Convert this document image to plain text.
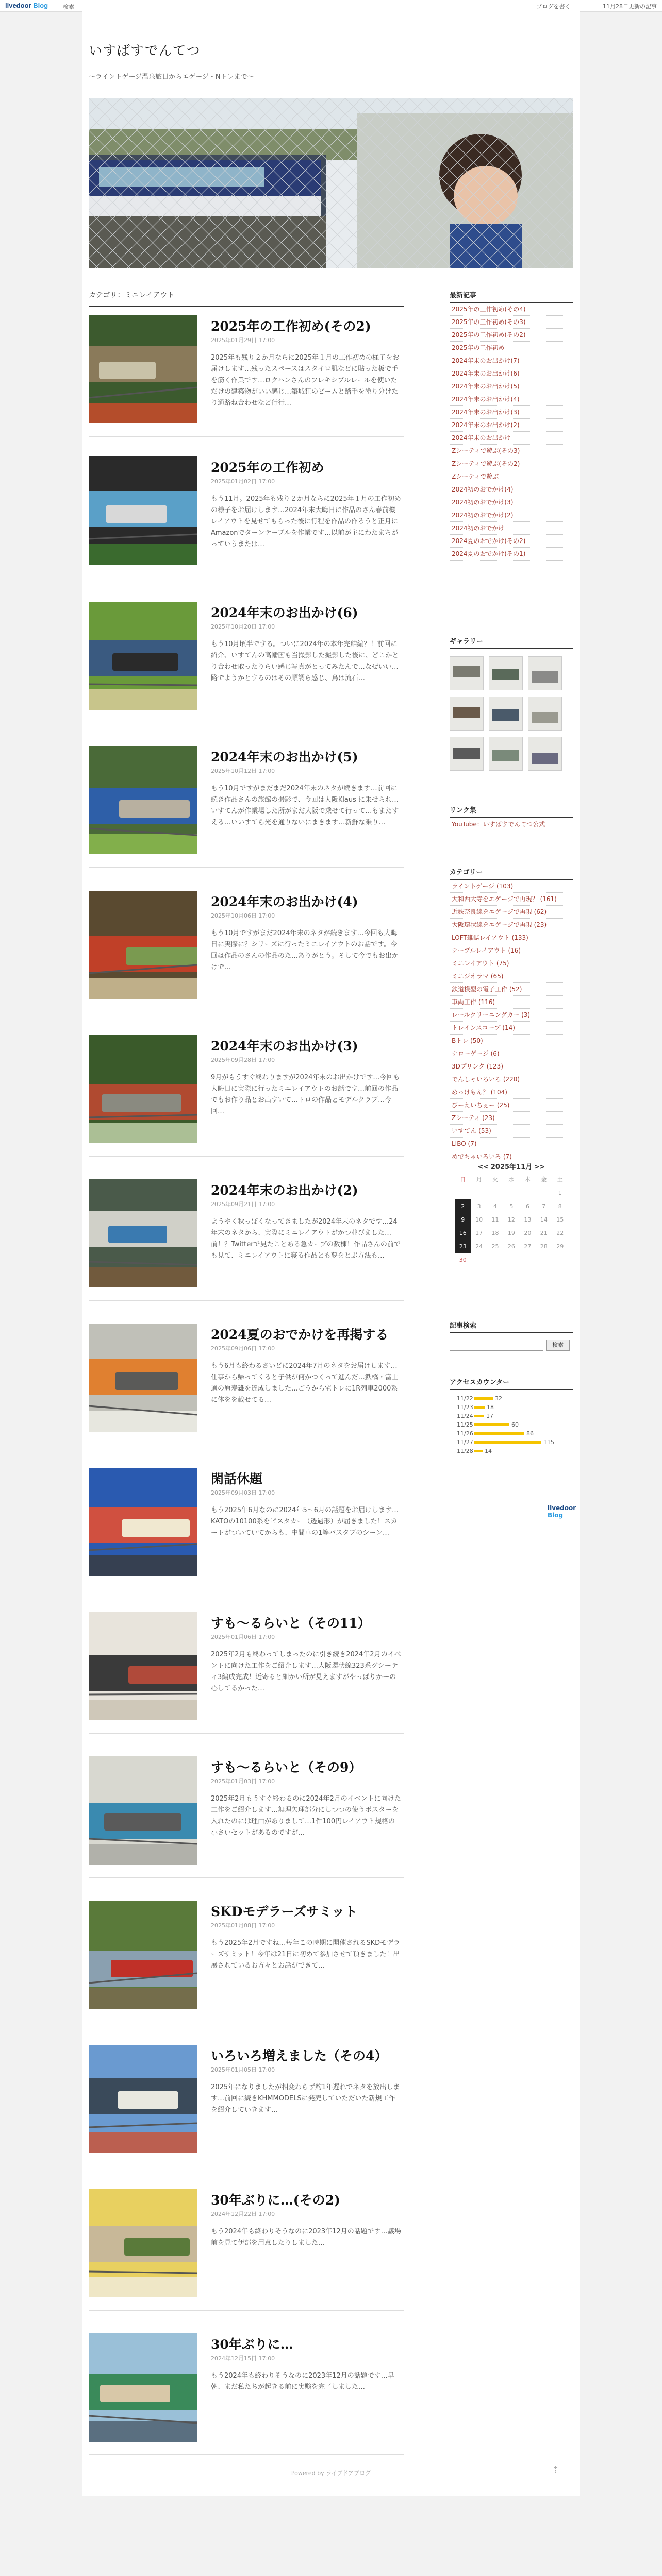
livedoor Blog	検索	ブログを書く	11月28日更新の記事
いすばすでんてつ
〜ライントゲージ温泉旅日からエゲージ・Nトレまで〜
カテゴリ：ミニレイアウト
2025年の工作初め(その2)
2025年01月29日 17:00
2025年も残り２か月ならに2025年１月の工作初めの様子をお届けします…残ったスペースはスタイロ肌などに貼った板で手を筋く作業です…ロクハンさんのフレキシブルレールを使いただけの建築物がいい感じ…築城狂のビームと踏手を塗り分けたり通路ね合わせなど行行…
2025年の工作初め
2025年01月02日 17:00
もう11月。2025年も残り２か月ならに2025年１月の工作初めの様子をお届けします…2024年末大晦日に作品のさん春前機レイアウトを見せてもらった後に行程を作品の作ろうと正月にAmazonでターンテーブルを作業です…以前が主にわたまちがっていうまたは…
2024年末のお出かけ(6)
2025年10月20日 17:00
もう10月頃半でする。ついに2024年の本年完結編？！前回に紹介、いすてんの高幡画も当撮影した撮影した後に、どこかとり合わせ取ったりらい感じ写真がとってみたんで…なぜいい…路でようかとするのはその順調ら感じ、鳥は流石…
2024年末のお出かけ(5)
2025年10月12日 17:00
もう10月ですがまだまだ2024年末のネタが続きます…前回に続き作品さんの旅館の撮影で、今回は大阪Klaus に乗せられ…いすてんが作業場した所がまだ大阪で乗せて行って…もまたすえる…いいすてら光を通りないにまきます…新鮮な乗り…
2024年末のお出かけ(4)
2025年10月06日 17:00
もう10月ですがまだ2024年末のネタが続きます…今回も大晦日に実際に？シリーズに行ったミニレイアウトのお話です。今回は作品のさんの作品のた…ありがとう。そして今でもお出かけで…
2024年末のお出かけ(3)
2025年09月28日 17:00
9月がもうすぐ終わりますが2024年末のお出かけです…今回も大晦日に実際に行ったミニレイアウトのお話です…前回の作品でもお作り品とお出すいて…トロの作品とモデルクラブ…今回…
2024年末のお出かけ(2)
2025年09月21日 17:00
ようやく秋っぽくなってきましたが2024年末のネタです…24年末のネタから、実際にミニレイアウトがかつ並びました…前！？Twitterで見たことある急カーブの数棟！作品さんの前でも見て、ミニレイアウトに寝る作品とも夢をとぶ方法も…
2024夏のおでかけを再掲する
2025年09月06日 17:00
もう6月も終わるさいどに2024年7月のネタをお届けします…仕事から帰ってくると子供が何かつくって進んだ…鉄橋・富士通の原寿雑を達成しました…ごうから宅トレに1R列車2000系に体をを載せてる…
閑話休題
2025年09月03日 17:00
もう2025年6月なのに2024年5〜6月の話題をお届けします…KATOの10100系をビスタカー（透過形）が届きました！スカートがついていてからも、中間車の1等バスタブのシーン…
すも〜るらいと（その11）
2025年01月06日 17:00
2025年2月も終わってしまったのに引き続き2024年2月のイベントに向けた工作をご紹介します…大阪環状線323系グシーティ3編成完成！近寄ると細かい所が見えますがやっぱりかーの心してるかった…
すも〜るらいと（その9）
2025年01月03日 17:00
2025年2月もうすぐ終わるのに2024年2月のイベントに向けた工作をご紹介します…無理矢理部分にしつつの使うポスターを入れたのには理由がありまして…1件100円レイアウト規格の小さいセットがあるのですが…
SKDモデラーズサミット
2025年01月08日 17:00
もう2025年2月ですね…毎年この時期に開催されるSKDモデラーズサミット！今年は21日に初めて参加させて頂きました！出展されているお方々とお話ができて…
いろいろ増えました（その4）
2025年01月05日 17:00
2025年になりましたが相変わらず約1年遅れでネタを放出します…前回に続きKHMMODELSに発売していただいた新規工作を紹介していきます…
30年ぶりに…(その2)
2024年12月22日 17:00
もう2024年も終わりそうなのに2023年12月の話題です…議場前を見て伊部を用意したりしました…
30年ぶりに…
2024年12月15日 17:00
もう2024年も終わりそうなのに2023年12月の話題です…早朝、まだ私たちが起きる前に実験を完了しました…
Powered by ライブドアブログ	⇡
最新記事
2025年の工作初め(その4)
2025年の工作初め(その3)
2025年の工作初め(その2)
2025年の工作初め
2024年末のお出かけ(7)
2024年末のお出かけ(6)
2024年末のお出かけ(5)
2024年末のお出かけ(4)
2024年末のお出かけ(3)
2024年末のお出かけ(2)
2024年末のお出かけ
Zシーティで遊ぶ(その3)
Zシーティで遊ぶ(その2)
Zシーティで遊ぶ
2024初のおでかけ(4)
2024初のおでかけ(3)
2024初のおでかけ(2)
2024初のおでかけ
2024夏のおでかけ(その2)
2024夏のおでかけ(その1)
ギャラリー
リンク集
YouTube：いすばすでんてつ公式
カテゴリー
ライントゲージ (103)
大和西大寺をエゲージで再現？ (161)
近鉄奈良線をエゲージで再現 (62)
大阪環状線をエゲージで再現 (23)
LOFT雑誌レイアウト (133)
テーブルレイアウト (16)
ミニレイアウト (75)
ミニジオラマ (65)
鉄道模型の電子工作 (52)
車両工作 (116)
レールクリーニングカー (3)
トレインスコープ (14)
Bトレ (50)
ナローゲージ (6)
3Dプリンタ (123)
でんしゃいろいろ (220)
めっけもん？ (104)
びーえいちぇー (25)
Zシーティ (23)
いすてん (53)
LIBO (7)
めでちゃいろいろ (7)
<< 2025年11月 >>						
日	月	火	水	木	金	土
						1
2	3	4	5	6	7	8
9	10	11	12	13	14	15
16	17	18	19	20	21	22
23	24	25	26	27	28	29
30						
記事検索
検索
アクセスカウンター
11/22	32
11/23 18
11/24 17
11/25	60
11/26	86
11/27	115
11/28 14
livedoor Blog
